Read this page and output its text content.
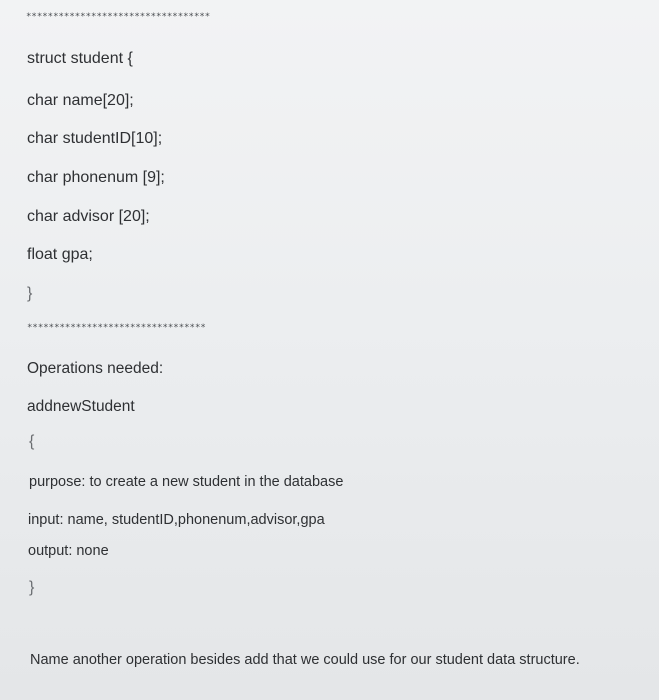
**********************************
struct student {
char name[20];
char studentID[10];
char phonenum [9];
char advisor [20];
float gpa;
}
*********************************
Operations needed:
addnewStudent
{
purpose: to create a new student in the database
input: name, studentID,phonenum,advisor,gpa
output: none
}
Name another operation besides add that we could use for our student data structure.
